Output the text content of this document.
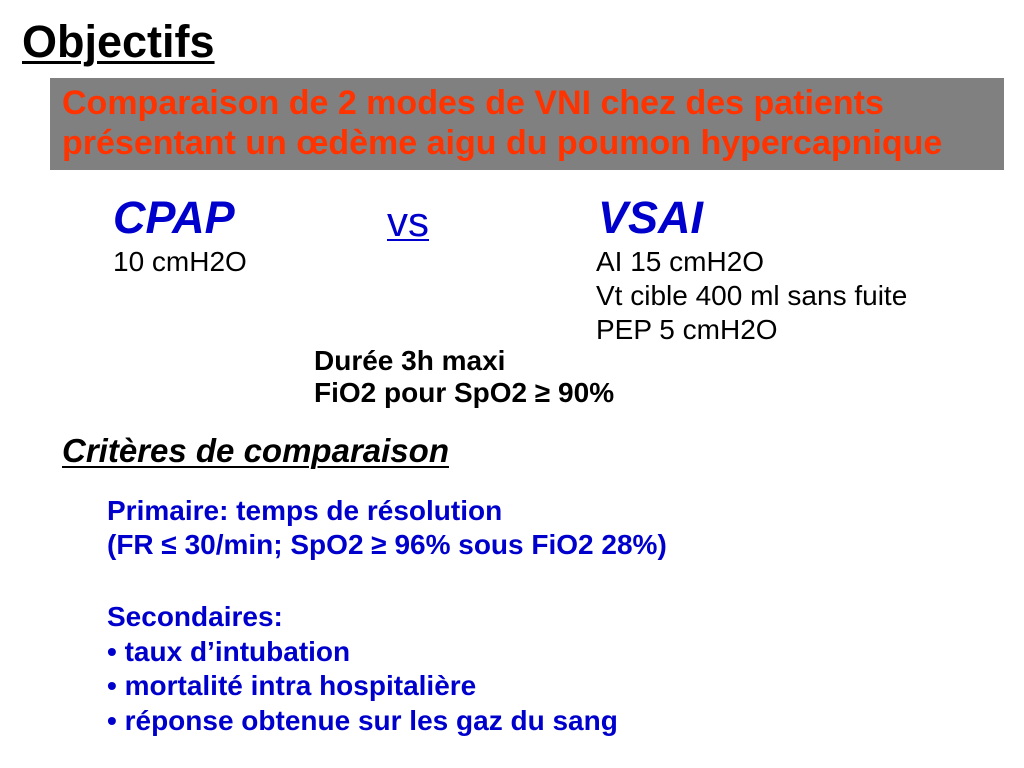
Objectifs
Comparaison de 2 modes de VNI chez des patients
présentant un œdème aigu du poumon hypercapnique
CPAP	vs	VSAI
10 cmH2O	AI 15 cmH2O
Vt cible 400 ml sans fuite
PEP 5 cmH2O
Durée 3h maxi
FiO2 pour SpO2 ≥ 90%
Critères de comparaison
Primaire: temps de résolution
(FR ≤ 30/min; SpO2 ≥ 96% sous FiO2 28%)
Secondaires:
• taux d’intubation
• mortalité intra hospitalière
• réponse obtenue sur les gaz du sang
